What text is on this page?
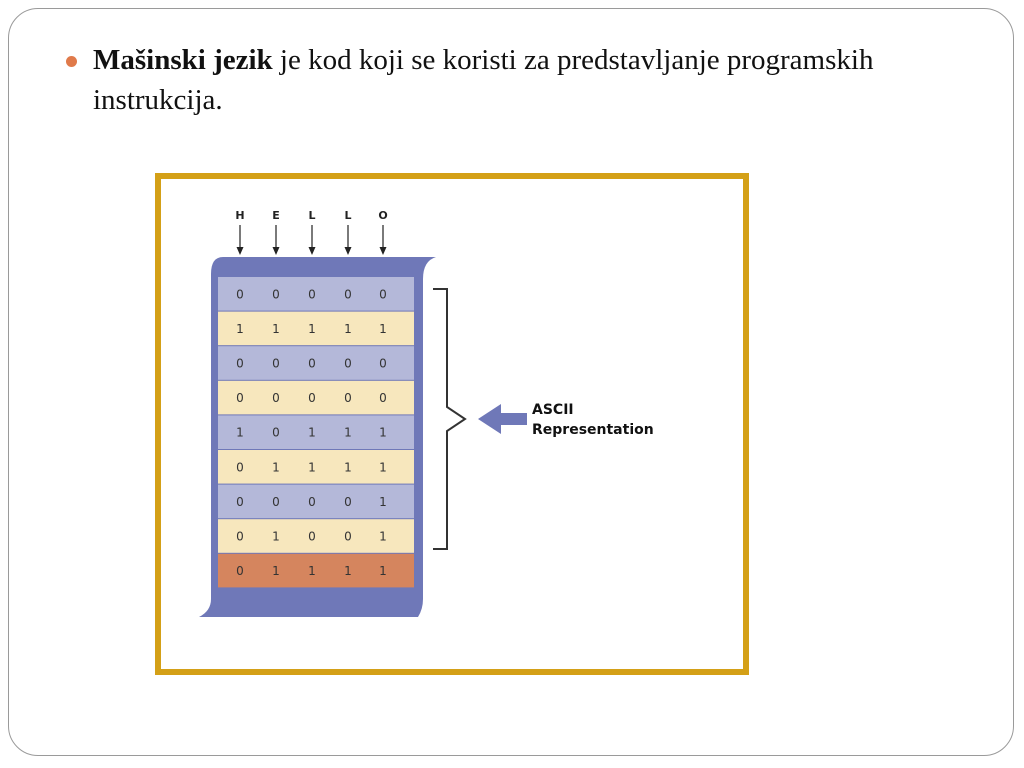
Mašinski jezik je kod koji se koristi za predstavljanje programskih instrukcija.
H	E	L	L O
0 0 0 0 0
1 1 1 1 1
0 0 0 0 0
0 0 0 0 0
1 0 1 1 1
0 1 1 1 1
0 0 0 0 1
0 1 0 0 1
0 1 1 1 1
ASCII
Representation
